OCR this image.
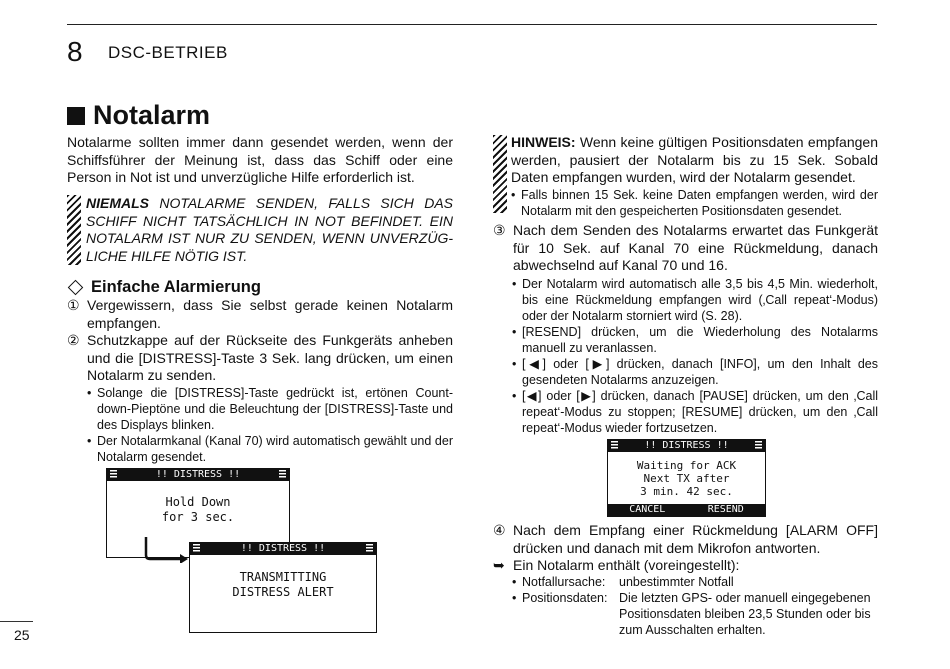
8 DSC-BETRIEB
Notalarm
Notalarme sollten immer dann gesendet werden, wenn der Schiffsführer der Meinung ist, dass das Schiff oder eine Person in Not ist und unverzügliche Hilfe erforderlich ist.
NIEMALS NOTALARME SENDEN, FALLS SICH DAS SCHIFF NICHT TATSÄCHLICH IN NOT BEFINDET. EIN NOTALARM IST NUR ZU SENDEN, WENN UNVERZÜG-LICHE HILFE NÖTIG IST.
Einfache Alarmierung
① Vergewissern, dass Sie selbst gerade keinen Notalarm empfangen.
② Schutzkappe auf der Rückseite des Funkgeräts anheben und die [DISTRESS]-Taste 3 Sek. lang drücken, um einen Notalarm zu senden.
• Solange die [DISTRESS]-Taste gedrückt ist, ertönen Count-down-Pieptöne und die Beleuchtung der [DISTRESS]-Taste und des Displays blinken.
• Der Notalarmkanal (Kanal 70) wird automatisch gewählt und der Notalarm gesendet.
!! DISTRESS !!
Hold Down
for 3 sec.
!! DISTRESS !!
TRANSMITTING
DISTRESS ALERT
HINWEIS: Wenn keine gültigen Positionsdaten empfangen werden, pausiert der Notalarm bis zu 15 Sek. Sobald Daten empfangen wurden, wird der Notalarm gesendet.
• Falls binnen 15 Sek. keine Daten empfangen werden, wird der Notalarm mit den gespeicherten Positionsdaten gesendet.
③ Nach dem Senden des Notalarms erwartet das Funkgerät für 10 Sek. auf Kanal 70 eine Rückmeldung, danach abwechselnd auf Kanal 70 und 16.
• Der Notalarm wird automatisch alle 3,5 bis 4,5 Min. wiederholt, bis eine Rückmeldung empfangen wird (‚Call repeat‘-Modus) oder der Notalarm storniert wird (S. 28).
• [RESEND] drücken, um die Wiederholung des Notalarms manuell zu veranlassen.
• [◀] oder [▶] drücken, danach [INFO], um den Inhalt des gesendeten Notalarms anzuzeigen.
• [◀] oder [▶] drücken, danach [PAUSE] drücken, um den ‚Call repeat‘-Modus zu stoppen; [RESUME] drücken, um den ‚Call repeat‘-Modus wieder fortzusetzen.
!! DISTRESS !!
Waiting for ACK
Next TX after
3 min. 42 sec.
CANCEL	RESEND
④ Nach dem Empfang einer Rückmeldung [ALARM OFF] drücken und danach mit dem Mikrofon antworten.
➥ Ein Notalarm enthält (voreingestellt):
• Notfallursache:	unbestimmter Notfall
• Positionsdaten: Die letzten GPS- oder manuell eingegebenen Positionsdaten bleiben 23,5 Stunden oder bis zum Ausschalten erhalten.
25
